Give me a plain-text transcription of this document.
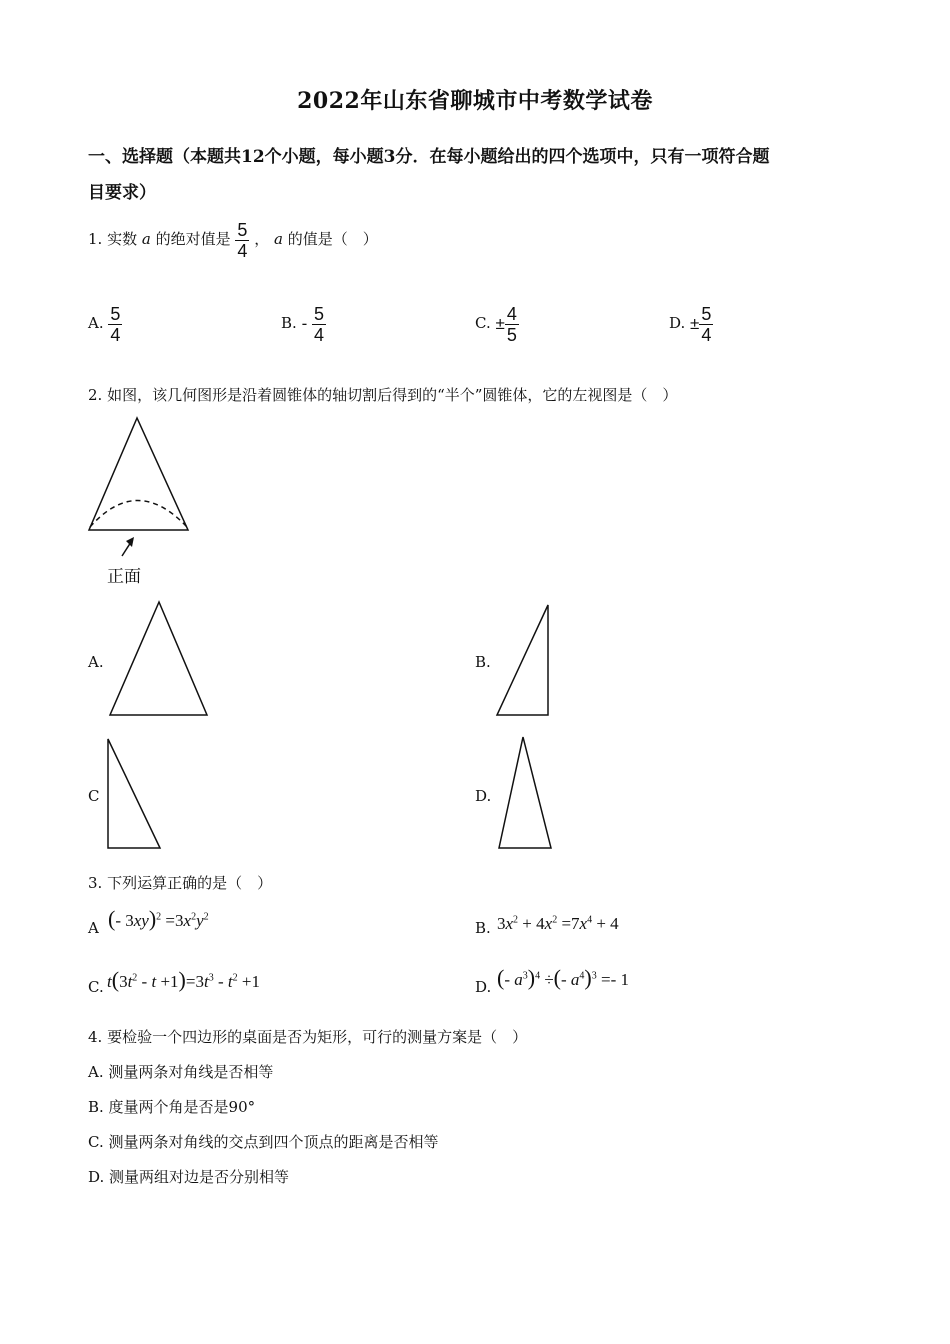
2022年山东省聊城市中考数学试卷
一、选择题（本题共12个小题，每小题3分．在每小题给出的四个选项中，只有一项符合题
目要求）
1. 实数 a 的绝对值是 $\frac{5}{4}$ ， a 的值是（　）
A. $\frac{5}{4}$	B. - $\frac{5}{4}$	C. ± $\frac{4}{5}$	D. ± $\frac{5}{4}$
2. 如图，该几何图形是沿着圆锥体的轴切割后得到的“半个”圆锥体，它的左视图是（　）
正面
A.	B.
C	D.
3. 下列运算正确的是（　）
A (- $3xy)^2 =3x^2y^2$
B. $3x^2 + 4x^2 =7x^4 + 4$
C. $t(3t^2 - t +1)=3t^3 - t^2 +1$	D. (- $a^3)^4$ ÷(- $a^4)^3 =- 1$
4. 要检验一个四边形的桌面是否为矩形，可行的测量方案是（　）
A. 测量两条对角线是否相等
B. 度量两个角是否是90°
C. 测量两条对角线的交点到四个顶点的距离是否相等
D. 测量两组对边是否分别相等
